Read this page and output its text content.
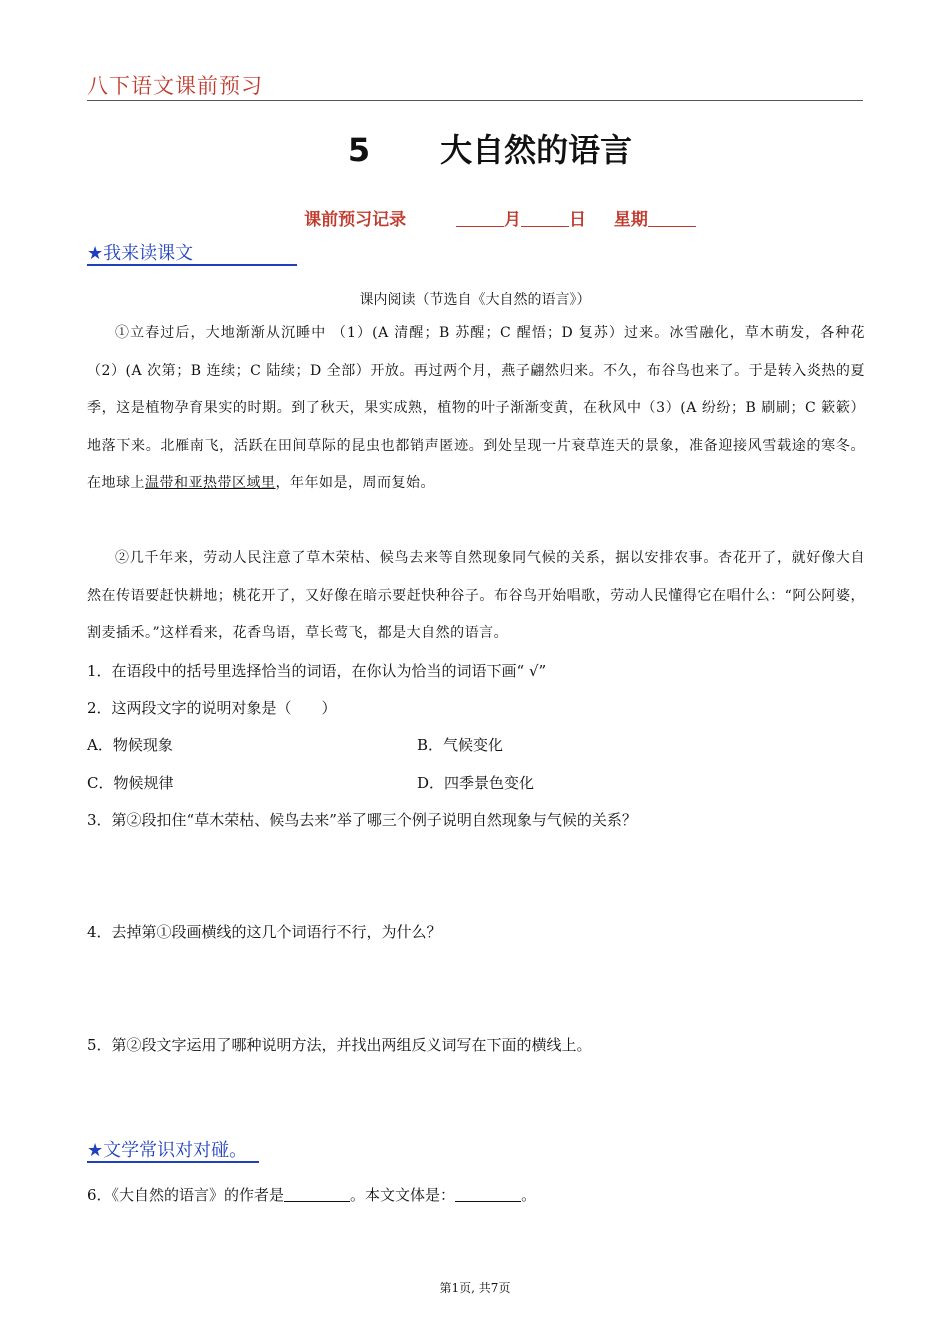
八下语文课前预习
5 大自然的语言
课前预习记录	月	日 星期
★我来读课文
课内阅读（节选自《大自然的语言》）
①立春过后，大地渐渐从沉睡中 （1）(A 清醒；B 苏醒；C 醒悟；D 复苏）过来。冰雪融化，草木萌发，各种花（2）(A 次第；B 连续；C 陆续；D 全部）开放。再过两个月，燕子翩然归来。不久，布谷鸟也来了。于是转入炎热的夏季，这是植物孕育果实的时期。到了秋天，果实成熟，植物的叶子渐渐变黄，在秋风中（3）(A 纷纷；B 刷刷；C 簌簌）地落下来。北雁南飞，活跃在田间草际的昆虫也都销声匿迹。到处呈现一片衰草连天的景象，准备迎接风雪载途的寒冬。在地球上温带和亚热带区域里，年年如是，周而复始。
②几千年来，劳动人民注意了草木荣枯、候鸟去来等自然现象同气候的关系，据以安排农事。杏花开了，就好像大自然在传语要赶快耕地；桃花开了，又好像在暗示要赶快种谷子。布谷鸟开始唱歌，劳动人民懂得它在唱什么：“阿公阿婆，割麦插禾。”这样看来，花香鸟语，草长莺飞，都是大自然的语言。
1．在语段中的括号里选择恰当的词语，在你认为恰当的词语下画“ √”
2．这两段文字的说明对象是（　　）
A．物候现象	B．气候变化
C．物候规律	D．四季景色变化
3．第②段扣住“草木荣枯、候鸟去来”举了哪三个例子说明自然现象与气候的关系？
4．去掉第①段画横线的这几个词语行不行，为什么？
5．第②段文字运用了哪种说明方法，并找出两组反义词写在下面的横线上。
★文学常识对对碰。
6．《大自然的语言》的作者是	。本文文体是：	。
第1页, 共7页
